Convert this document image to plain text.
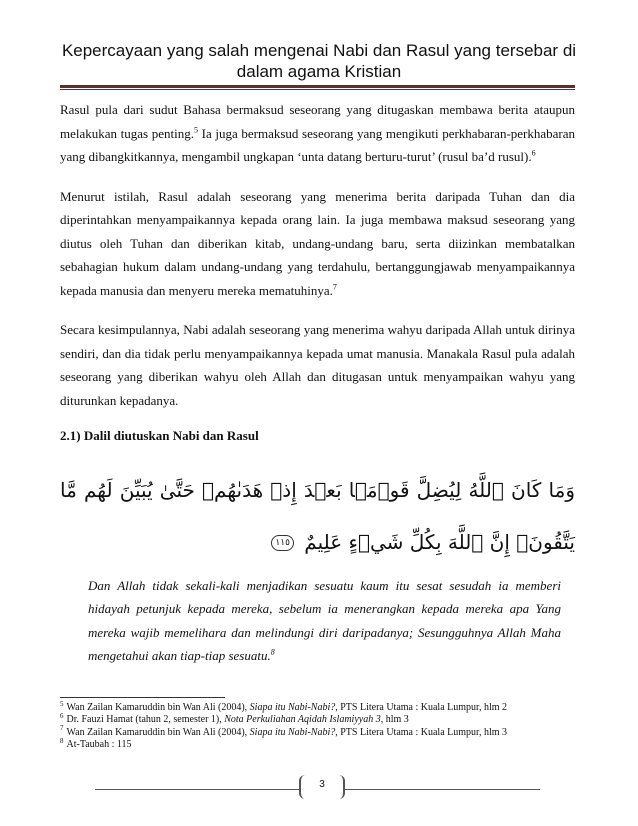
Kepercayaan yang salah mengenai Nabi dan Rasul yang tersebar di dalam agama Kristian

Rasul pula dari sudut Bahasa bermaksud seseorang yang ditugaskan membawa berita ataupun melakukan tugas penting.$^5$ Ia juga bermaksud seseorang yang mengikuti perkhabaran-perkhabaran yang dibangkitkannya, mengambil ungkapan ‘unta datang berturu-turut’ (rusul ba’d rusul).$^6$

Menurut istilah, Rasul adalah seseorang yang menerima berita daripada Tuhan dan dia diperintahkan menyampaikannya kepada orang lain. Ia juga membawa maksud seseorang yang diutus oleh Tuhan dan diberikan kitab, undang-undang baru, serta diizinkan membatalkan sebahagian hukum dalam undang-undang yang terdahulu, bertanggungjawab menyampaikannya kepada manusia dan menyeru mereka mematuhinya.$^7$

Secara kesimpulannya, Nabi adalah seseorang yang menerima wahyu daripada Allah untuk dirinya sendiri, dan dia tidak perlu menyampaikannya kepada umat manusia. Manakala Rasul pula adalah seseorang yang diberikan wahyu oleh Allah dan ditugasan untuk menyampaikan wahyu yang diturunkan kepadanya.

2.1) Dalil diutuskan Nabi dan Rasul

وَمَا كَانَ ٱللَّهُ لِيُضِلَّ قَوۡمَۢا بَعۡدَ إِذۡ هَدَىٰهُمۡ حَتَّىٰ يُبَيِّنَ لَهُم مَّا يَتَّقُونَۚ إِنَّ ٱللَّهَ بِكُلِّ شَيۡءٍ عَلِيمٌ ١١٥
Dan Allah tidak sekali-kali menjadikan sesuatu kaum itu sesat sesudah ia memberi hidayah petunjuk kepada mereka, sebelum ia menerangkan kepada mereka apa Yang mereka wajib memelihara dan melindungi diri daripadanya; Sesungguhnya Allah Maha mengetahui akan tiap-tiap sesuatu.$^8$
$^5$ Wan Zailan Kamaruddin bin Wan Ali (2004), Siapa itu Nabi-Nabi?, PTS Litera Utama : Kuala Lumpur, hlm 2
$^6$ Dr. Fauzi Hamat (tahun 2, semester 1), Nota Perkuliahan Aqidah Islamiyyah 3, hlm 3
$^7$ Wan Zailan Kamaruddin bin Wan Ali (2004), Siapa itu Nabi-Nabi?, PTS Litera Utama : Kuala Lumpur, hlm 3
$^8$ At-Taubah : 115
3
